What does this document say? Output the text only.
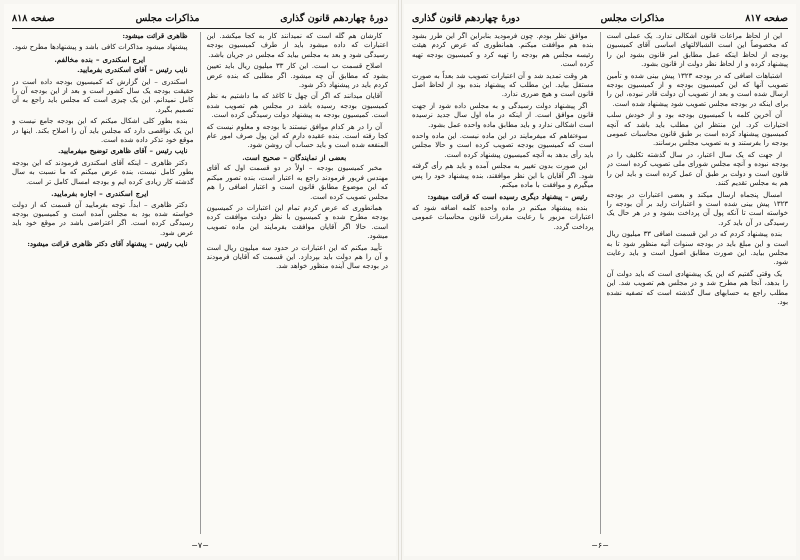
صفحه ۸۱۷
مذاکرات مجلس
دورهٔ چهاردهم قانون گذاری

این از لحاظ مراعات قانون اشکالی ندارد. یک عملی است که مخصوصاً این است الشبالالتهای اساسی آقای کمیسیون بودجه از لحاظ اینکه عمل مطابق امر قانون بشود این را پیشنهاد کرده و از لحاظ نظر دولت از قانون بشود.

اشتباهات اضافی که در بودجه ۱۳۲۳ پیش بینی شده و تأمین تصویب آنها که این کمیسیون بودجه و از کمیسیون بودجه ارسال شده است و بعد از تصویب آن دولت قادر نبوده، این را برای اینکه در بودجه مجلس تصویب شود پیشنهاد شده است.

آن آخرین کلمه با کمیسیون بودجه بود و از خودش سلب اختیارات کرد. این منتظر این مطلب باید باشد که آنچه کمیسیون پیشنهاد کرده است بر طبق قانون محاسبات عمومی بودجه را بفرستند و به تصویب مجلس برسانند.

از جهت که یک سال اعتبار، در سال گذشته تکلیف را در بودجه نبوده و آنچه مجلس شورای ملی تصویب کرده است در قانون است و دولت بر طبق آن عمل کرده است و باید این را هم به مجلس تقدیم کنند.

امسال پنجماه ارسال میکند و بعضی اعتبارات در بودجه ۱۳۲۳ پیش بینی شده است و اعتبارات زاید بر آن بودجه را خواسته است تا آنکه پول آن پرداخت بشود و در هر حال یک رسیدگی در آن باید کرد.

بنده پیشنهاد کردم که در این قسمت اضافی ۳۳ میلیون ریال است و این مبلغ باید در بودجه سنوات آتیه منظور شود تا به مجلس بیاید. این صورت مطابق اصول است و باید رعایت شود.

یک وقتی گفتیم که این یک پیشنهادی است که باید دولت آن را بدهد، آنجا هم مطرح شد و در مجلس هم تصویب شد. این مطلب راجع به حسابهای سال گذشته است که تصفیه نشده بود.

موافق نظر بودم. چون فرمودید بنابراین اگر این طرز بشود بنده هم موافقت میکنم. همانطوری که عرض کردم هیئت رئیسه مجلس هم بودجه را تهیه کرد و کمیسیون بودجه تهیه کرده است.

هر وقت تمدید شد و آن اعتبارات تصویب شد بعداً به صورت مستقل بیاید. این مطلب که پیشنهاد بنده بود از لحاظ اصل قانون است و هیچ ضرری ندارد.

اگر پیشنهاد دولت رسیدگی و به مجلس داده شود از جهت قانون موافق است. از اینکه در ماه اول سال جدید نرسیده است اشکالی ندارد و باید مطابق ماده واحده عمل بشود.

سوءتفاهم که میفرمایند در این ماده نیست. این ماده واحده است که کمیسیون بودجه تصویب کرده است و حالا مجلس باید رأی بدهد به آنچه کمیسیون پیشنهاد کرده است.

این صورت بدون تغییر به مجلس آمده و باید هم رأی گرفته شود. اگر آقایان با این نظر موافقند، بنده پیشنهاد خود را پس میگیرم و موافقت با ماده میکنم.

رئیس – پیشنهاد دیگری رسیده است که قرائت میشود:

بنده پیشنهاد میکنم در ماده واحده کلمه اضافه شود که اعتبارات مزبور با رعایت مقررات قانون محاسبات عمومی پرداخت گردد.

−۶−
دورهٔ چهاردهم قانون گذاری
مذاکرات مجلس
صفحه ۸۱۸

کارشان هم گله است که نمیدانند کار به کجا میکشد. این اعتبارات که داده میشود باید از طرف کمیسیون بودجه رسیدگی شود و بعد به مجلس بیاید که مجلس در جریان باشد.

اصلاح قسمت ب است. این کار ۳۳ میلیون ریال باید تعیین بشود که مطابق آن چه میشود. اگر مطلبی که بنده عرض کردم باید در پیشنهاد ذکر شود.

آقایان میدانند که اگر آن چهل تا کاغذ که ما داشتیم به نظر کمیسیون بودجه رسیده باشد در مجلس هم تصویب شده است. کمیسیون بودجه به پیشنهاد دولت رسیدگی کرده است.

آن را در هر کدام موافق نیستند با بودجه و معلوم نیست که کجا رفته است. بنده عقیده دارم که این پول صرف امور عام المنفعه شده است و باید حساب آن روشن شود.

بعضی از نمایندگان – صحیح است.

مخبر کمیسیون بودجه – اولاً در دو قسمت اول که آقای مهندس فریور فرمودند راجع به اعتبار است، بنده تصور میکنم که این موضوع مطابق قانون است و اعتبار اضافی را هم مجلس تصویب کرده است.

همانطوری که عرض کردم تمام این اعتبارات در کمیسیون بودجه مطرح شده و کمیسیون با نظر دولت موافقت کرده است. حالا اگر آقایان موافقت بفرمایند این ماده تصویب میشود.

تأیید میکنم که این اعتبارات در حدود سه میلیون ریال است و آن را هم دولت باید بپردازد. این قسمت که آقایان فرمودند در بودجه سال آینده منظور خواهد شد.

ظاهری قرائت میشود:

پیشنهاد میشود مذاکرات کافی باشد و پیشنهادها مطرح شود.

ایرج اسکندری – بنده مخالفم.

نایب رئیس – آقای اسکندری بفرمایید.

اسکندری – این گزارش که کمیسیون بودجه داده است در حقیقت بودجه یک سال کشور است و بعد از این بودجه آن را کامل نمیدانم. این یک چیزی است که مجلس باید راجع به آن تصمیم بگیرد.

بنده بطور کلی اشکال میکنم که این بودجه جامع نیست و این یک نواقصی دارد که مجلس باید آن را اصلاح بکند. اینها در موقع خود تذکر داده شده است.

نایب رئیس – آقای ظاهری توضیح میفرمایید.

دکتر ظاهری – اینکه آقای اسکندری فرمودند که این بودجه بطور کامل نیست، بنده عرض میکنم که ما نسبت به سال گذشته کار زیادی کرده ایم و بودجه امسال کامل تر است.

ایرج اسکندری – اجازه بفرمایید.

دکتر ظاهری – ابداً. توجه بفرمایید آن قسمت که از دولت خواسته شده بود به مجلس آمده است و کمیسیون بودجه رسیدگی کرده است. اگر اعتراضی باشد در موقع خود باید عرض شود.

نایب رئیس – پیشنهاد آقای دکتر ظاهری قرائت میشود:

−۷−
